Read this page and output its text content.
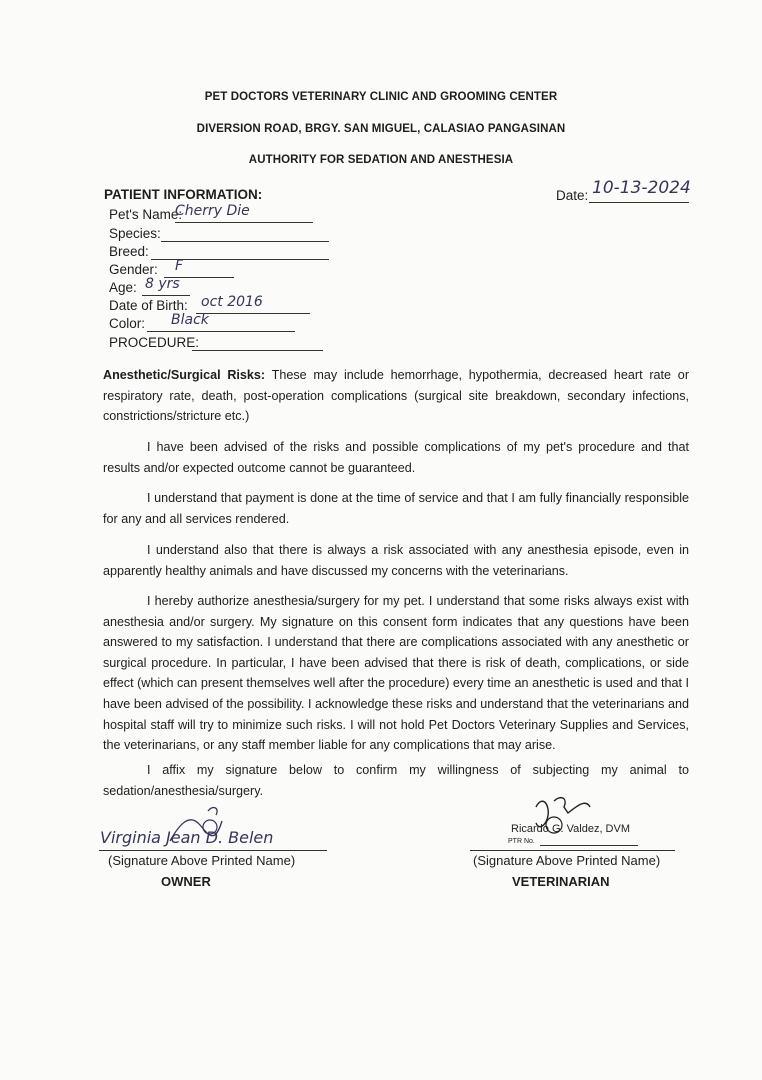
PET DOCTORS VETERINARY CLINIC AND GROOMING CENTER
DIVERSION ROAD, BRGY. SAN MIGUEL, CALASIAO PANGASINAN
AUTHORITY FOR SEDATION AND ANESTHESIA
PATIENT INFORMATION:	Date: 10-13-2024
Pet's Name:
Cherry Die
Species:
Breed:
Gender: F
Age: 8 yrs
Date of Birth: oct 2016
Color: Black
PROCEDURE:
Anesthetic/Surgical Risks: These may include hemorrhage, hypothermia, decreased heart rate or respiratory rate, death, post-operation complications (surgical site breakdown, secondary infections, constrictions/stricture etc.)
I have been advised of the risks and possible complications of my pet's procedure and that results and/or expected outcome cannot be guaranteed.
I understand that payment is done at the time of service and that I am fully financially responsible for any and all services rendered.
I understand also that there is always a risk associated with any anesthesia episode, even in apparently healthy animals and have discussed my concerns with the veterinarians.
I hereby authorize anesthesia/surgery for my pet. I understand that some risks always exist with anesthesia and/or surgery. My signature on this consent form indicates that any questions have been answered to my satisfaction. I understand that there are complications associated with any anesthetic or surgical procedure. In particular, I have been advised that there is risk of death, complications, or side effect (which can present themselves well after the procedure) every time an anesthetic is used and that I have been advised of the possibility. I acknowledge these risks and understand that the veterinarians and hospital staff will try to minimize such risks. I will not hold Pet Doctors Veterinary Supplies and Services, the veterinarians, or any staff member liable for any complications that may arise.
I affix my signature below to confirm my willingness of subjecting my animal to sedation/anesthesia/surgery.
Virginia Jean D. Belen
(Signature Above Printed Name)
OWNER
Ricardo G. Valdez, DVM
PTR No.
(Signature Above Printed Name)
VETERINARIAN
